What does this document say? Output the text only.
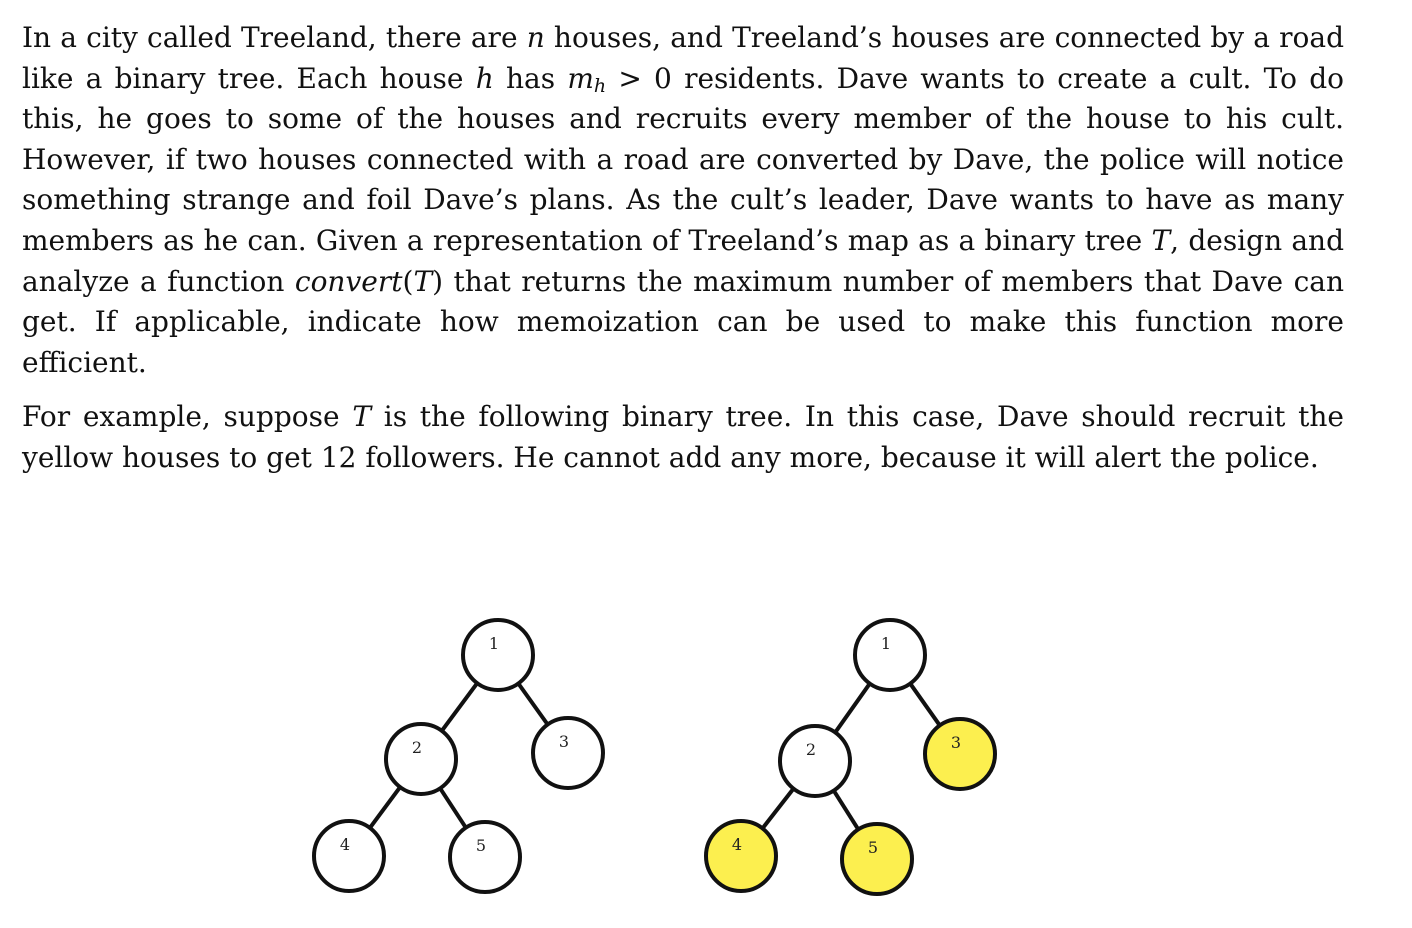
In a city called Treeland, there are n houses, and Treeland’s houses are connected by a road like a binary tree. Each house h has $m_h > 0$ residents. Dave wants to create a cult. To do this, he goes to some of the houses and recruits every member of the house to his cult. However, if two houses connected with a road are converted by Dave, the police will notice something strange and foil Dave’s plans. As the cult’s leader, Dave wants to have as many members as he can. Given a representation of Treeland’s map as a binary tree T, design and analyze a function convert(T) that returns the maximum number of members that Dave can get. If applicable, indicate how memoization can be used to make this function more efficient.

For example, suppose T is the following binary tree. In this case, Dave should recruit the yellow houses to get 12 followers. He cannot add any more, because it will alert the police.

1
2	3
4	5
1
2	3
4	5
